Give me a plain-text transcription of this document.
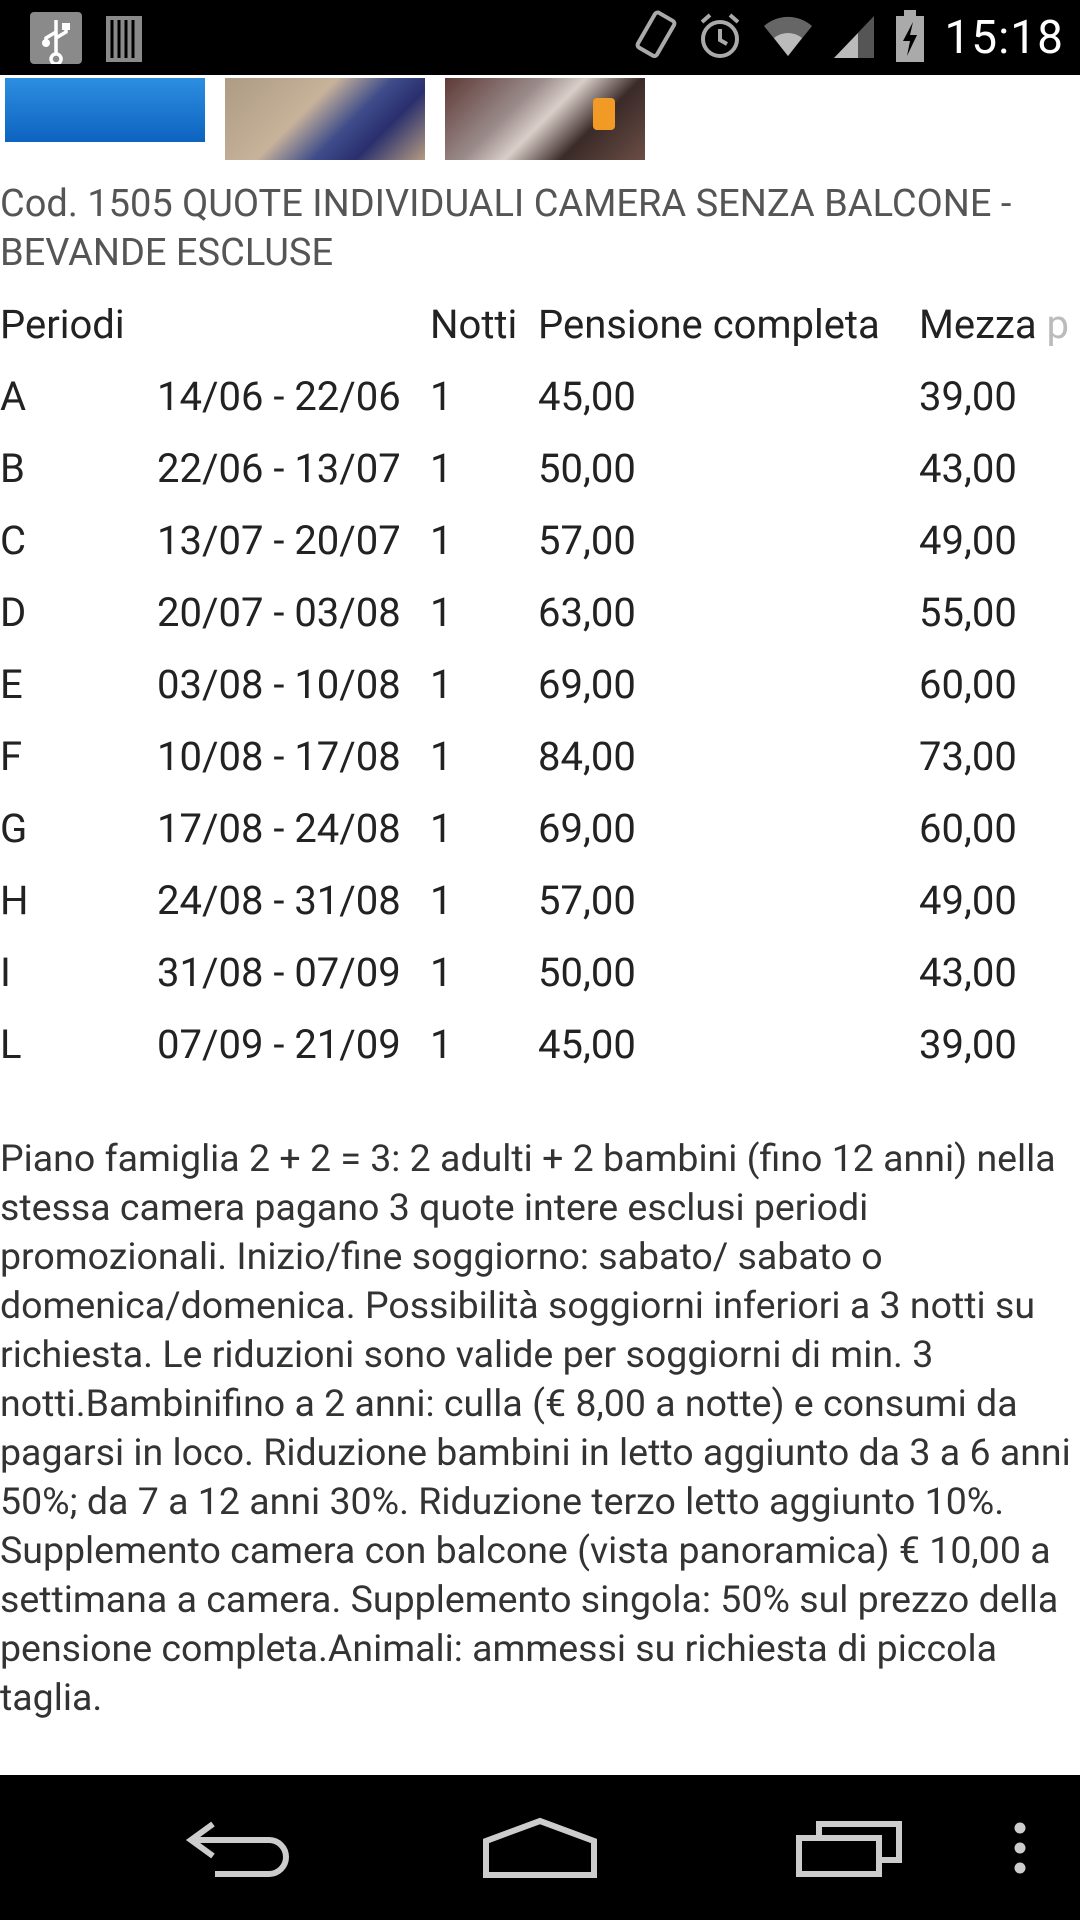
15:18
Cod. 1505 QUOTE INDIVIDUALI CAMERA SENZA BALCONE - BEVANDE ESCLUSE
Periodi		Notti	Pensione completa	Mezza p

A	14/06 - 22/06	1	45,00	39,00
B	22/06 - 13/07	1	50,00	43,00
C	13/07 - 20/07	1	57,00	49,00
D	20/07 - 03/08	1	63,00	55,00
E	03/08 - 10/08	1	69,00	60,00
F	10/08 - 17/08	1	84,00	73,00
G	17/08 - 24/08	1	69,00	60,00
H	24/08 - 31/08	1	57,00	49,00
I	31/08 - 07/09	1	50,00	43,00
L	07/09 - 21/09	1	45,00	39,00
Piano famiglia 2 + 2 = 3: 2 adulti + 2 bambini (fino 12 anni) nella stessa camera pagano 3 quote intere esclusi periodi promozionali. Inizio/fine soggiorno: sabato/ sabato o domenica/domenica. Possibilità soggiorni inferiori a 3 notti su richiesta. Le riduzioni sono valide per soggiorni di min. 3 notti.Bambinifino a 2 anni: culla (€ 8,00 a notte) e consumi da pagarsi in loco. Riduzione bambini in letto aggiunto da 3 a 6 anni 50%; da 7 a 12 anni 30%. Riduzione terzo letto aggiunto 10%. Supplemento camera con balcone (vista panoramica) € 10,00 a settimana a camera. Supplemento singola: 50% sul prezzo della pensione completa.Animali: ammessi su richiesta di piccola taglia.
